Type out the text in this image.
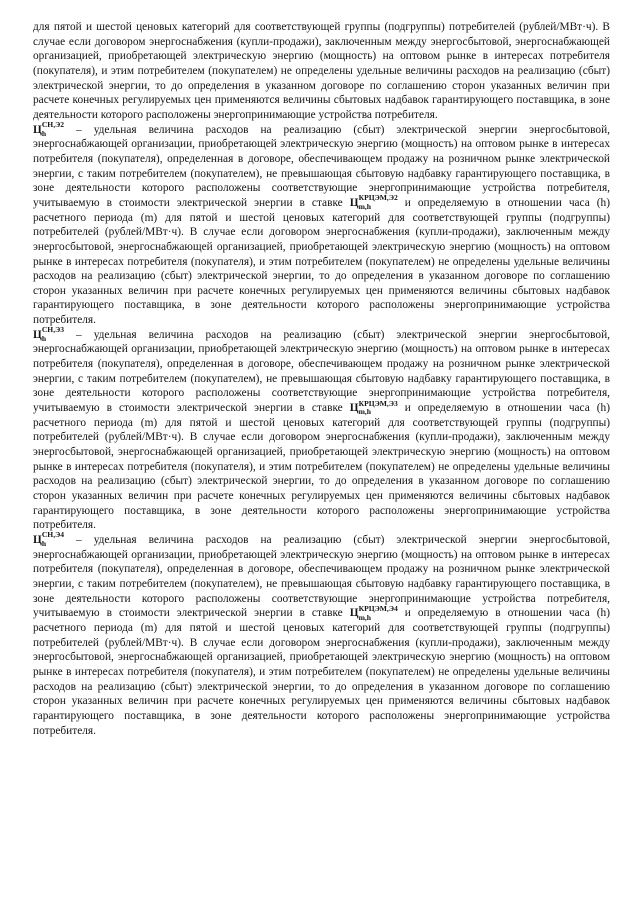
для пятой и шестой ценовых категорий для соответствующей группы (подгруппы) потребителей (рублей/МВт·ч). В случае если договором энергоснабжения (купли-продажи), заключенным между энергосбытовой, энергоснабжающей организацией, приобретающей электрическую энергию (мощность) на оптовом рынке в интересах потребителя (покупателя), и этим потребителем (покупателем) не определены удельные величины расходов на реализацию (сбыт) электрической энергии, то до определения в указанном договоре по соглашению сторон указанных величин при расчете конечных регулируемых цен применяются величины сбытовых надбавок гарантирующего поставщика, в зоне деятельности которого расположены энергопринимающие устройства потребителя.

$Ц^{СН,Э2}_h$ – удельная величина расходов на реализацию (сбыт) электрической энергии энергосбытовой, энергоснабжающей организации, приобретающей электрическую энергию (мощность) на оптовом рынке в интересах потребителя (покупателя), определенная в договоре, обеспечивающем продажу на розничном рынке электрической энергии, с таким потребителем (покупателем), не превышающая сбытовую надбавку гарантирующего поставщика, в зоне деятельности которого расположены соответствующие энергопринимающие устройства потребителя, учитываемую в стоимости электрической энергии в ставке $Ц^{КРЦЭМ,Э2}_{m,h}$ и определяемую в отношении часа (h) расчетного периода (m) для пятой и шестой ценовых категорий для соответствующей группы (подгруппы) потребителей (рублей/МВт·ч). В случае если договором энергоснабжения (купли-продажи), заключенным между энергосбытовой, энергоснабжающей организацией, приобретающей электрическую энергию (мощность) на оптовом рынке в интересах потребителя (покупателя), и этим потребителем (покупателем) не определены удельные величины расходов на реализацию (сбыт) электрической энергии, то до определения в указанном договоре по соглашению сторон указанных величин при расчете конечных регулируемых цен применяются величины сбытовых надбавок гарантирующего поставщика, в зоне деятельности которого расположены энергопринимающие устройства потребителя.

$Ц^{СН,Э3}_h$ – удельная величина расходов на реализацию (сбыт) электрической энергии энергосбытовой, энергоснабжающей организации, приобретающей электрическую энергию (мощность) на оптовом рынке в интересах потребителя (покупателя), определенная в договоре, обеспечивающем продажу на розничном рынке электрической энергии, с таким потребителем (покупателем), не превышающая сбытовую надбавку гарантирующего поставщика, в зоне деятельности которого расположены соответствующие энергопринимающие устройства потребителя, учитываемую в стоимости электрической энергии в ставке $Ц^{КРЦЭМ,Э3}_{m,h}$ и определяемую в отношении часа (h) расчетного периода (m) для пятой и шестой ценовых категорий для соответствующей группы (подгруппы) потребителей (рублей/МВт·ч). В случае если договором энергоснабжения (купли-продажи), заключенным между энергосбытовой, энергоснабжающей организацией, приобретающей электрическую энергию (мощность) на оптовом рынке в интересах потребителя (покупателя), и этим потребителем (покупателем) не определены удельные величины расходов на реализацию (сбыт) электрической энергии, то до определения в указанном договоре по соглашению сторон указанных величин при расчете конечных регулируемых цен применяются величины сбытовых надбавок гарантирующего поставщика, в зоне деятельности которого расположены энергопринимающие устройства потребителя.

$Ц^{СН,Э4}_h$ – удельная величина расходов на реализацию (сбыт) электрической энергии энергосбытовой, энергоснабжающей организации, приобретающей электрическую энергию (мощность) на оптовом рынке в интересах потребителя (покупателя), определенная в договоре, обеспечивающем продажу на розничном рынке электрической энергии, с таким потребителем (покупателем), не превышающая сбытовую надбавку гарантирующего поставщика, в зоне деятельности которого расположены соответствующие энергопринимающие устройства потребителя, учитываемую в стоимости электрической энергии в ставке $Ц^{КРЦЭМ,Э4}_{m,h}$ и определяемую в отношении часа (h) расчетного периода (m) для пятой и шестой ценовых категорий для соответствующей группы (подгруппы) потребителей (рублей/МВт·ч). В случае если договором энергоснабжения (купли-продажи), заключенным между энергосбытовой, энергоснабжающей организацией, приобретающей электрическую энергию (мощность) на оптовом рынке в интересах потребителя (покупателя), и этим потребителем (покупателем) не определены удельные величины расходов на реализацию (сбыт) электрической энергии, то до определения в указанном договоре по соглашению сторон указанных величин при расчете конечных регулируемых цен применяются величины сбытовых надбавок гарантирующего поставщика, в зоне деятельности которого расположены энергопринимающие устройства потребителя.
